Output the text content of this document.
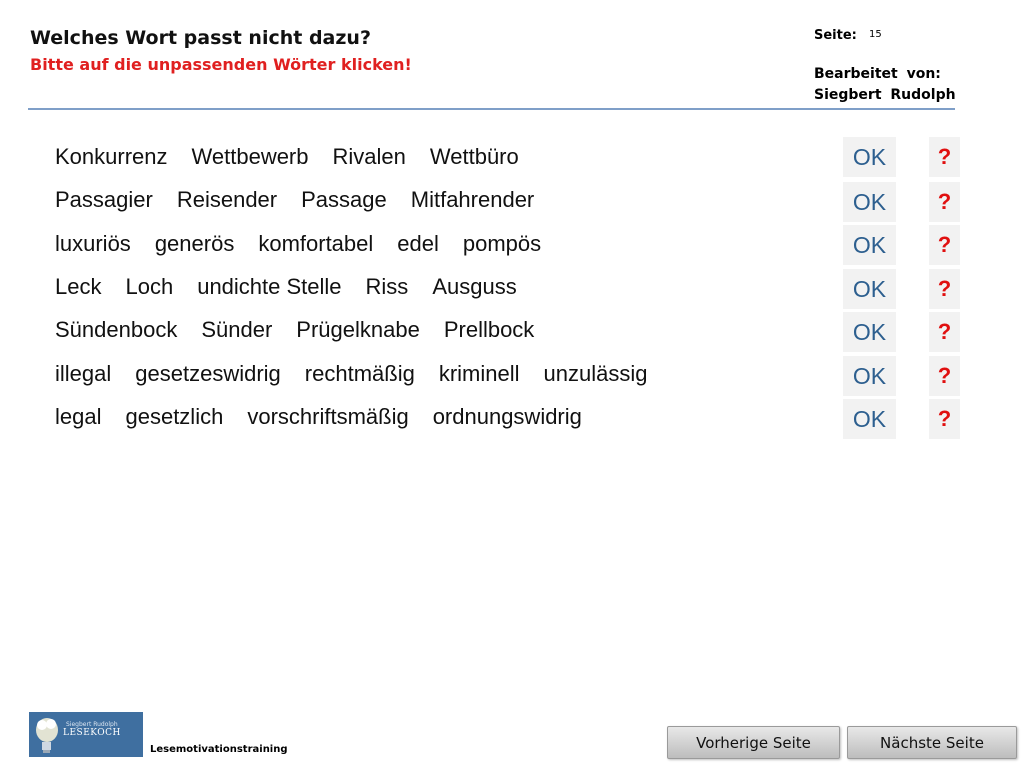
Welches Wort passt nicht dazu?
Bitte auf die unpassenden Wörter klicken!
Seite: 15
Bearbeitet von:
Siegbert Rudolph
Konkurrenz Wettbewerb Rivalen Wettbüro	OK	?
Passagier Reisender Passage Mitfahrender	OK	?
luxuriös generös komfortabel edel pompös	OK	?
Leck Loch undichte Stelle Riss Ausguss	OK	?
Sündenbock Sünder Prügelknabe Prellbock	OK	?
illegal gesetzeswidrig rechtmäßig kriminell unzulässig	OK	?
legal gesetzlich vorschriftsmäßig ordnungswidrig	OK	?
Siegbert Rudolph
LESEKOCH
Lesemotivationstraining	Vorherige Seite	Nächste Seite
